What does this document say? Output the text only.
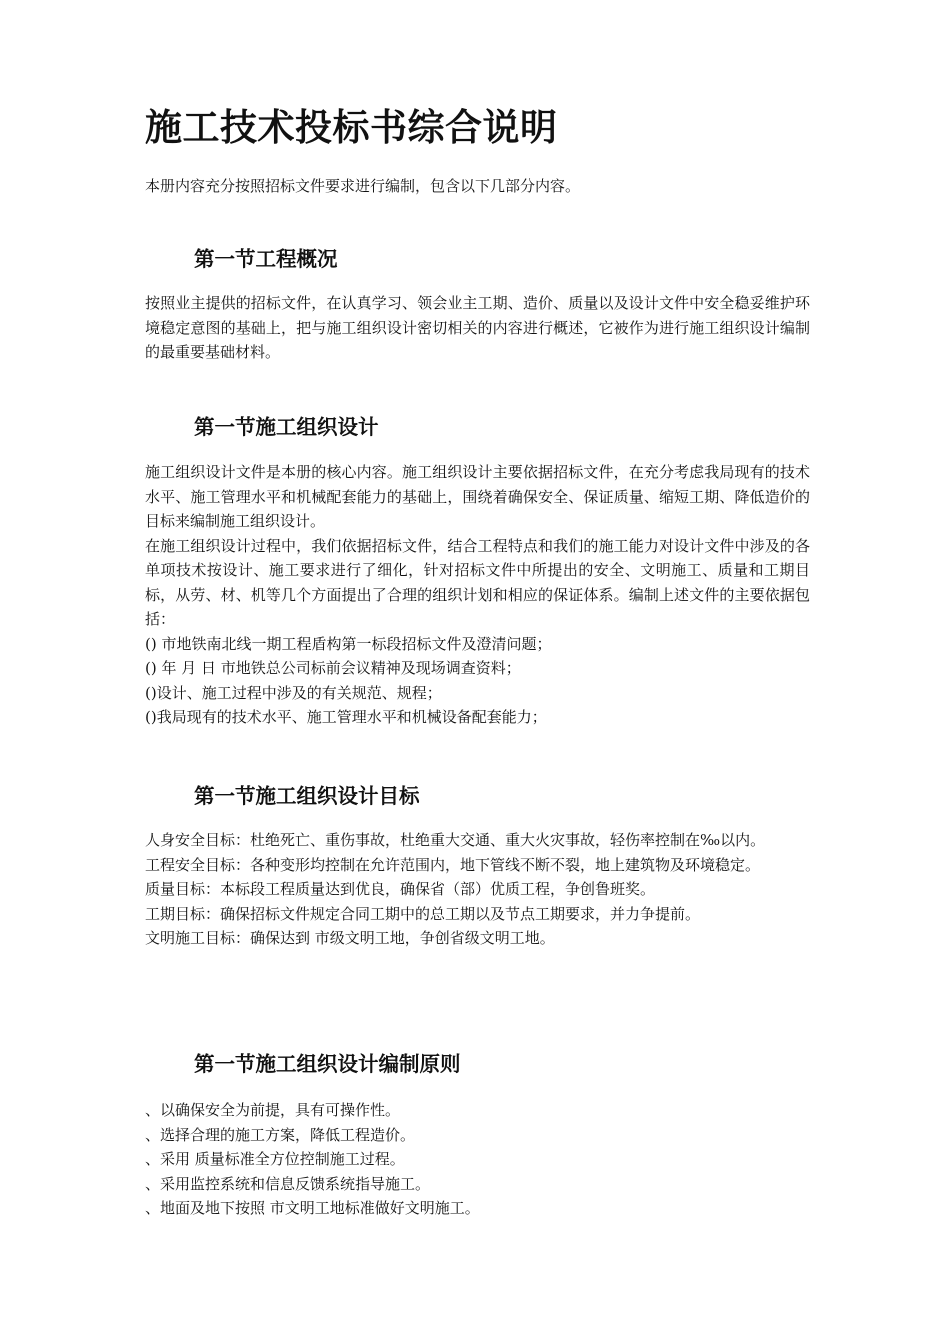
施工技术投标书综合说明

本册内容充分按照招标文件要求进行编制，包含以下几部分内容。

第一节工程概况

按照业主提供的招标文件，在认真学习、领会业主工期、造价、质量以及设计文件中安全稳妥维护环境稳定意图的基础上，把与施工组织设计密切相关的内容进行概述，它被作为进行施工组织设计编制的最重要基础材料。

第一节施工组织设计
施工组织设计文件是本册的核心内容。施工组织设计主要依据招标文件，在充分考虑我局现有的技术水平、施工管理水平和机械配套能力的基础上，围绕着确保安全、保证质量、缩短工期、降低造价的目标来编制施工组织设计。
在施工组织设计过程中，我们依据招标文件，结合工程特点和我们的施工能力对设计文件中涉及的各单项技术按设计、施工要求进行了细化，针对招标文件中所提出的安全、文明施工、质量和工期目标，从劳、材、机等几个方面提出了合理的组织计划和相应的保证体系。编制上述文件的主要依据包括：
() 市地铁南北线一期工程盾构第一标段招标文件及澄清问题；
() 年 月 日 市地铁总公司标前会议精神及现场调查资料；
()设计、施工过程中涉及的有关规范、规程；
()我局现有的技术水平、施工管理水平和机械设备配套能力；
第一节施工组织设计目标
人身安全目标：杜绝死亡、重伤事故，杜绝重大交通、重大火灾事故，轻伤率控制在‰以内。
工程安全目标：各种变形均控制在允许范围内，地下管线不断不裂，地上建筑物及环境稳定。
质量目标：本标段工程质量达到优良，确保省（部）优质工程，争创鲁班奖。
工期目标：确保招标文件规定合同工期中的总工期以及节点工期要求，并力争提前。
文明施工目标：确保达到 市级文明工地，争创省级文明工地。
第一节施工组织设计编制原则
、以确保安全为前提，具有可操作性。
、选择合理的施工方案，降低工程造价。
、采用 质量标准全方位控制施工过程。
、采用监控系统和信息反馈系统指导施工。
、地面及地下按照 市文明工地标准做好文明施工。
